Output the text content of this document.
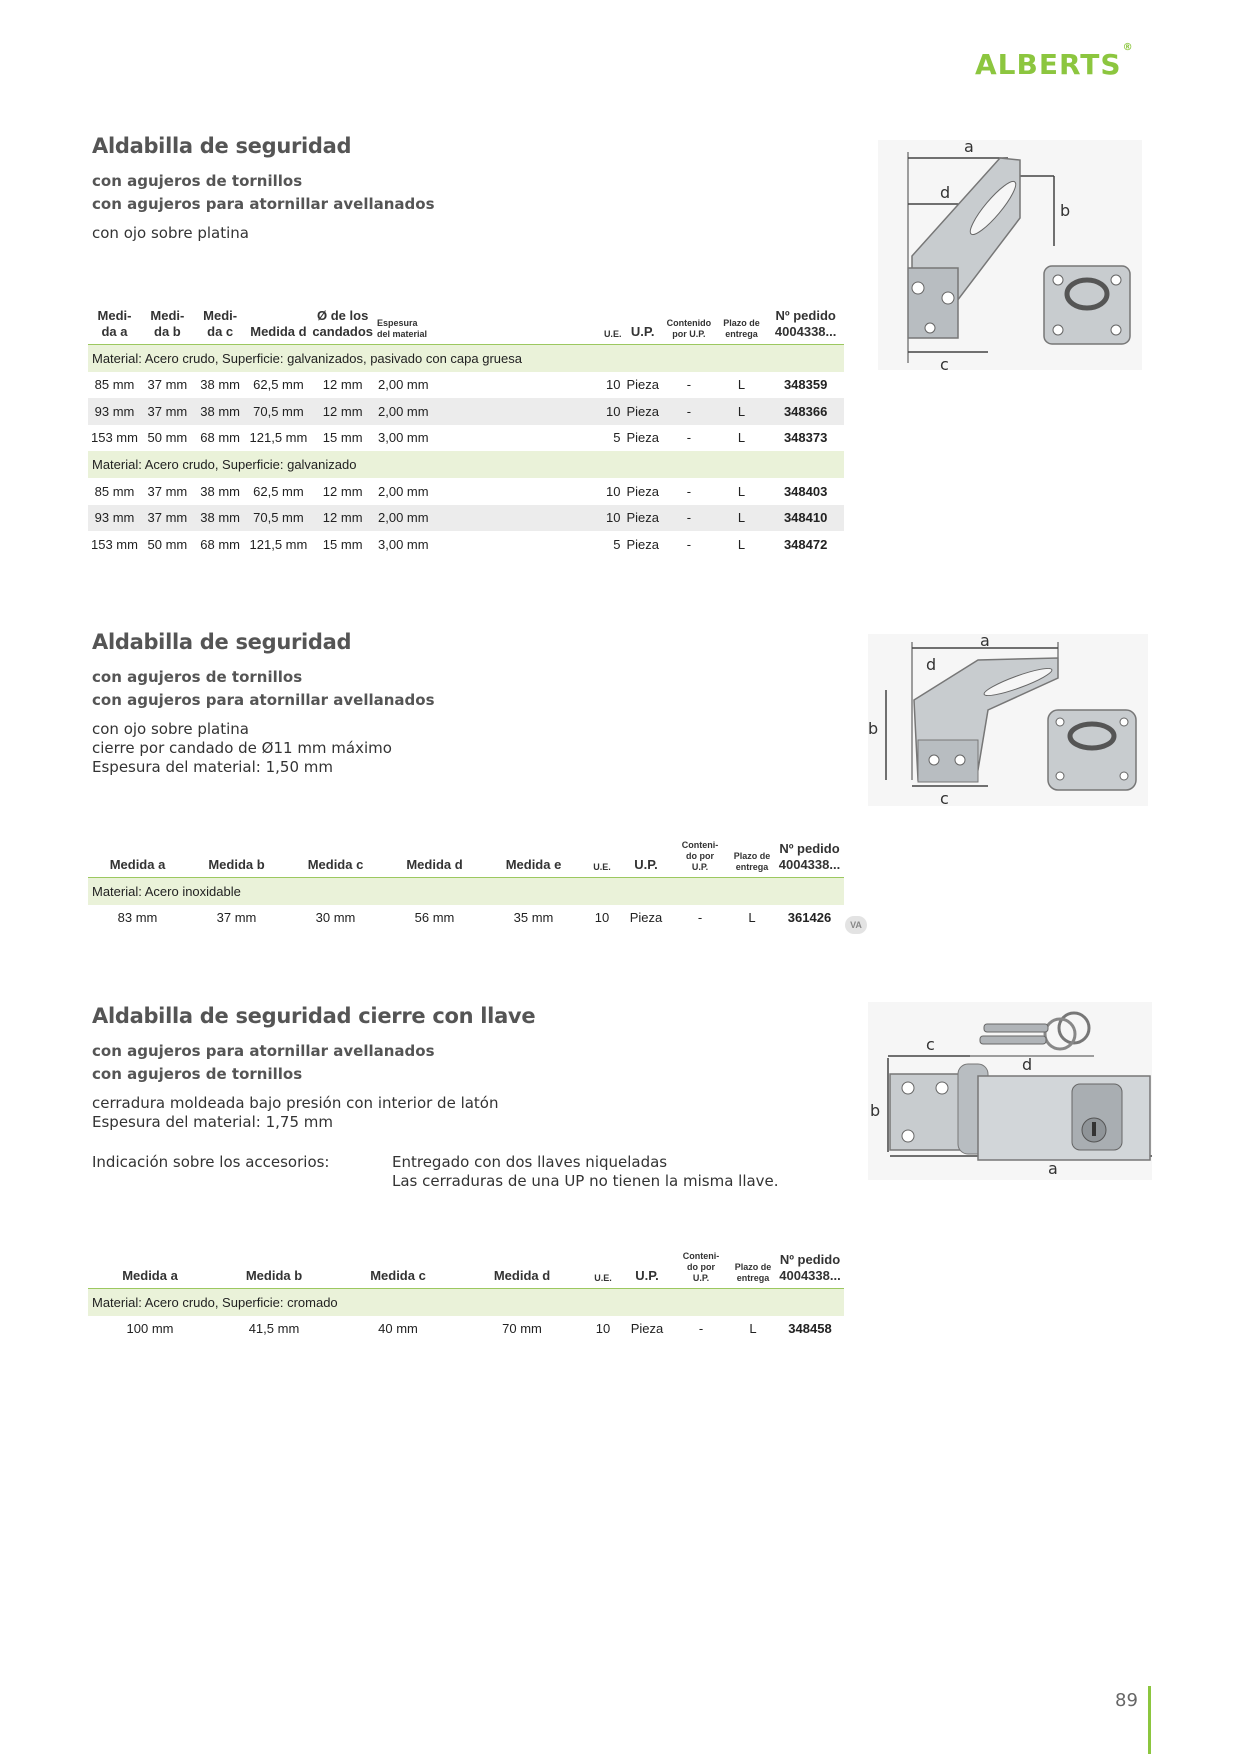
ALBERTS®
Aldabilla de seguridad
con agujeros de tornillos
con agujeros para atornillar avellanados
con ojo sobre platina
Medi-
da a	Medi-
da b	Medi-
da c	Medida d	Ø de los
candados	Espesura
del material	U.E.	U.P.	Contenido
por U.P.	Plazo de
entrega	Nº pedido
4004338...
Material: Acero crudo, Superficie: galvanizados, pasivado con capa gruesa										
85 mm	37 mm	38 mm	62,5 mm	12 mm	2,00 mm	10	Pieza	-	L	348359
93 mm	37 mm	38 mm	70,5 mm	12 mm	2,00 mm	10	Pieza	-	L	348366
153 mm	50 mm	68 mm	121,5 mm	15 mm	3,00 mm	5	Pieza	-	L	348373
Material: Acero crudo, Superficie: galvanizado										
85 mm	37 mm	38 mm	62,5 mm	12 mm	2,00 mm	10	Pieza	-	L	348403
93 mm	37 mm	38 mm	70,5 mm	12 mm	2,00 mm	10	Pieza	-	L	348410
153 mm	50 mm	68 mm	121,5 mm	15 mm	3,00 mm	5	Pieza	-	L	348472
a
d
b
c
Aldabilla de seguridad
con agujeros de tornillos
con agujeros para atornillar avellanados
con ojo sobre platina
cierre por candado de Ø11 mm máximo
Espesura del material: 1,50 mm
Medida a	Medida b	Medida c	Medida d	Medida e	U.E.	U.P.	Conteni-
do por
U.P.	Plazo de
entrega	Nº pedido
4004338...
Material: Acero inoxidable									
83 mm	37 mm	30 mm	56 mm	35 mm	10	Pieza	-	L	361426	VA
a
d
b
c
Aldabilla de seguridad cierre con llave
con agujeros para atornillar avellanados
con agujeros de tornillos
cerradura moldeada bajo presión con interior de latón
Espesura del material: 1,75 mm
Indicación sobre los accesorios:	Entregado con dos llaves niqueladas
Las cerraduras de una UP no tienen la misma llave.
Medida a	Medida b	Medida c	Medida d	U.E.	U.P.	Conteni-
do por
U.P.	Plazo de
entrega	Nº pedido
4004338...
Material: Acero crudo, Superficie: cromado								
100 mm	41,5 mm	40 mm	70 mm	10	Pieza	-	L	348458
c
d
b
a
89
